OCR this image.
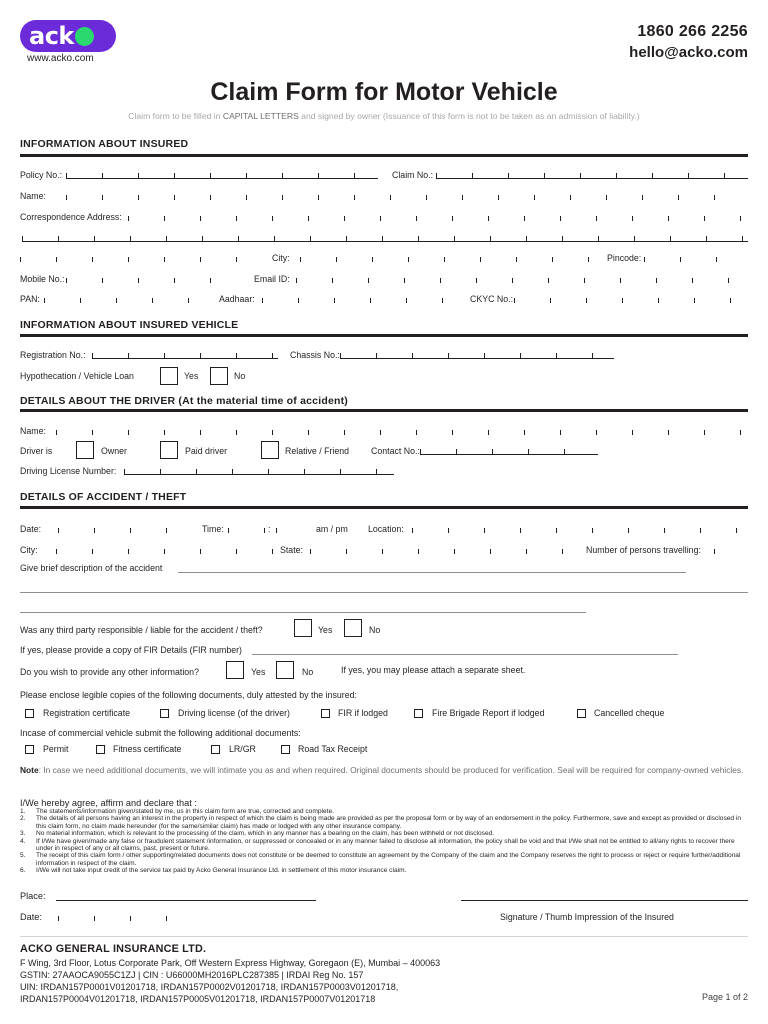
ack
www.acko.com
1860 266 2256
hello@acko.com
Claim Form for Motor Vehicle
Claim form to be filled in CAPITAL LETTERS and signed by owner (Issuance of this form is not to be taken as an admission of liability.)
INFORMATION ABOUT INSURED
Policy No.:	Claim No.:
Name:
Correspondence Address:
City:	Pincode:
Mobile No.:	Email ID:
PAN:	Aadhaar:	CKYC No.:
INFORMATION ABOUT INSURED VEHICLE
Registration No.:	Chassis No.:
Hypothecation / Vehicle Loan	Yes	No
DETAILS ABOUT THE DRIVER (At the material time of accident)
Name:
Driver is	Owner	Paid driver	Relative / Friend Contact No.:
Driving License Number:
DETAILS OF ACCIDENT / THEFT
Date:	Time:	:	am / pm Location:
City:	State:	Number of persons travelling:
Give brief description of the accident
Was any third party responsible / liable for the accident / theft?	Yes	No
If yes, please provide a copy of FIR Details (FIR number)
Do you wish to provide any other information?	Yes	No	If yes, you may please attach a separate sheet.
Please enclose legible copies of the following documents, duly attested by the insured:
Registration certificate	Driving license (of the driver)	FIR if lodged	Fire Brigade Report if lodged	Cancelled cheque
Incase of commercial vehicle submit the following additional documents:
Permit	Fitness certificate	LR/GR	Road Tax Receipt
Note: In case we need additional documents, we will intimate you as and when required. Original documents should be produced for verification. Seal will be required for company-owned vehicles.
I/We hereby agree, affirm and declare that :
1.	The statements/information given/stated by me, us in this claim form are true, corrected and complete.
2.	The details of all persons having an interest in the property in respect of which the claim is being made are provided as per the proposal form or by way of an endorsement in the policy. Furthermore, save and except as provided or disclosed in this claim form, no claim made hereunder (for the same/similar claim) has made or lodged with any other insurance company.
3.	No material information, which is relevant to the processing of the claim, which in any manner has a bearing on the claim, has been withheld or not disclosed.
4.	If I/We have given/made any false or fraudulent statement /information, or suppressed or concealed or in any manner failed to disclose all information, the policy shall be void and that I/We shall not be entitled to all/any rights to recover there under in respect of any or all claims, past, present or future.
5.	The receipt of this claim form / other supporting/related documents does not constitute or be deemed to constitute an agreement by the Company of the claim and the Company reserves the right to process or reject or require further/additional information in respect of the claim.
6.	I/We will not take input credit of the service tax paid by Acko General Insurance Ltd. in settlement of this motor insurance claim.
Place:
Date:	Signature / Thumb Impression of the Insured
ACKO GENERAL INSURANCE LTD.
F Wing, 3rd Floor, Lotus Corporate Park, Off Western Express Highway, Goregaon (E), Mumbai – 400063
GSTIN: 27AAOCA9055C1ZJ | CIN : U66000MH2016PLC287385 | IRDAI Reg No. 157
UIN: IRDAN157P0001V01201718, IRDAN157P0002V01201718, IRDAN157P0003V01201718,
IRDAN157P0004V01201718, IRDAN157P0005V01201718, IRDAN157P0007V01201718	Page 1 of 2
